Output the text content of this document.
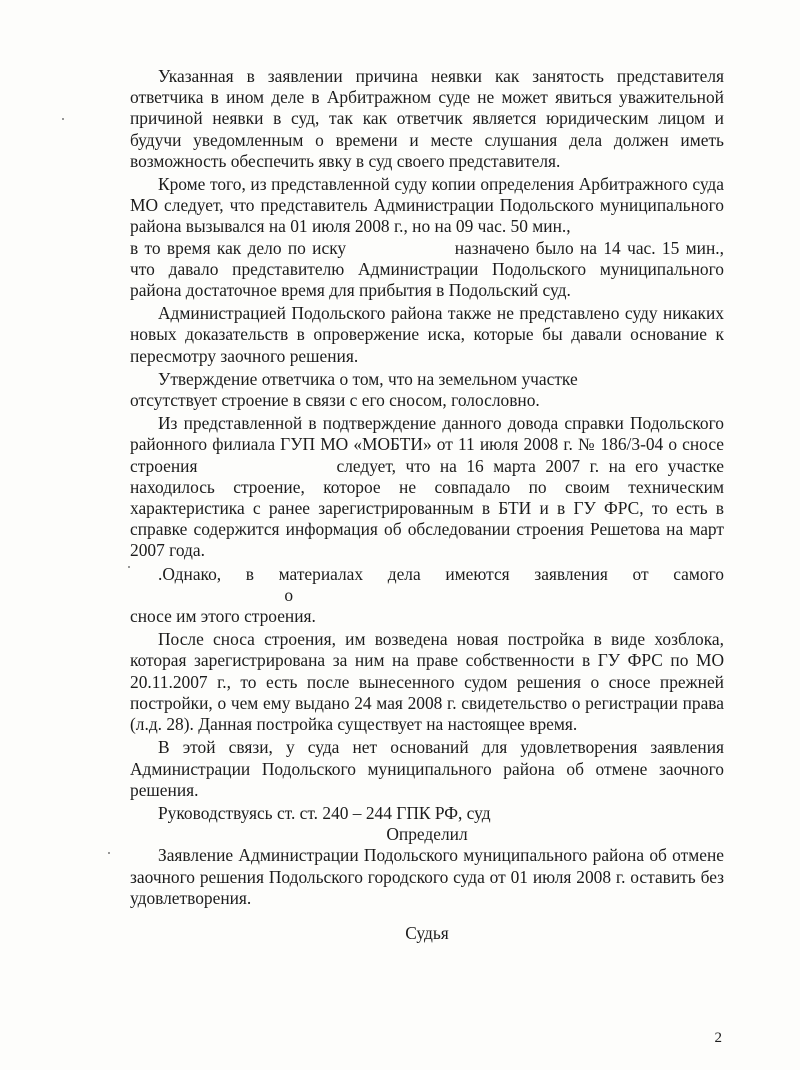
Указанная в заявлении причина неявки как занятость представителя ответчика в ином деле в Арбитражном суде не может явиться уважительной причиной неявки в суд, так как ответчик является юридическим лицом и будучи уведомленным о времени и месте слушания дела должен иметь возможность обеспечить явку в суд своего представителя.

Кроме того, из представленной суду копии определения Арбитражного суда МО следует, что представитель Администрации Подольского муниципального района вызывался на 01 июля 2008 г., но на 09 час. 50 мин.,
в то время как дело по иску	назначено было на 14 час. 15 мин., что давало представителю Администрации Подольского муниципального района достаточное время для прибытия в Подольский суд.

Администрацией Подольского района также не представлено суду никаких новых доказательств в опровержение иска, которые бы давали основание к пересмотру заочного решения.

Утверждение ответчика о том, что на земельном участке
отсутствует строение в связи с его сносом, голословно.

Из представленной в подтверждение данного довода справки Подольского районного филиала ГУП МО «МОБТИ» от 11 июля 2008 г. № 186/3-04 о сносе строения	следует, что на 16 марта 2007 г. на его участке находилось строение, которое не совпадало по своим техническим характеристика с ранее зарегистрированным в БТИ и в ГУ ФРС, то есть в справке содержится информация об обследовании строения Решетова на март 2007 года.

.Однако, в материалах дела имеются заявления от самого  о
сносе им этого строения.

После сноса строения, им возведена новая постройка в виде хозблока, которая зарегистрирована за ним на праве собственности в ГУ ФРС по МО 20.11.2007 г., то есть после вынесенного судом решения о сносе прежней постройки, о чем ему выдано 24 мая 2008 г. свидетельство о регистрации права (л.д. 28). Данная постройка существует на настоящее время.

В этой связи, у суда нет оснований для удовлетворения заявления Администрации Подольского муниципального района об отмене заочного решения.

Руководствуясь ст. ст. 240 – 244 ГПК РФ, суд

Определил

Заявление Администрации Подольского муниципального района об отмене заочного решения Подольского городского суда от 01 июля 2008 г. оставить без удовлетворения.

Судья

2
